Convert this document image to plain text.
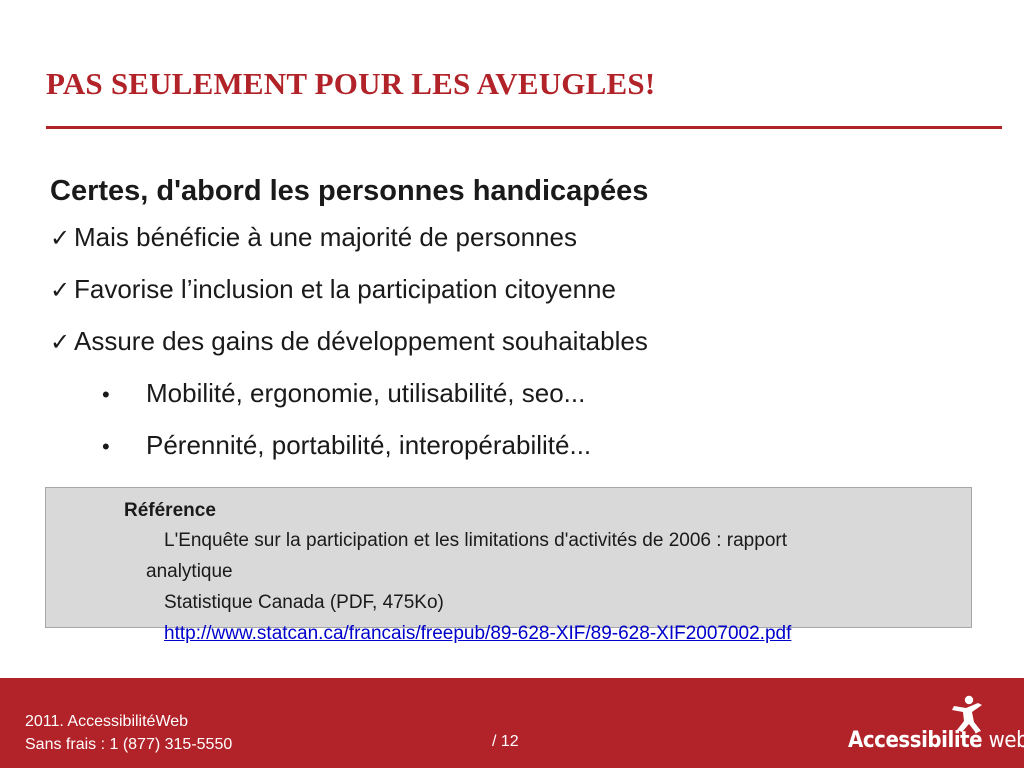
PAS SEULEMENT POUR LES AVEUGLES!
Certes, d'abord les personnes handicapées
✓ Mais bénéficie à une majorité de personnes
✓ Favorise l’inclusion et la participation citoyenne
✓ Assure des gains de développement souhaitables
•	Mobilité, ergonomie, utilisabilité, seo...
•	Pérennité, portabilité, interopérabilité...
Référence
L'Enquête sur la participation et les limitations d'activités de 2006 : rapport
analytique
Statistique Canada (PDF, 475Ko)
http://www.statcan.ca/francais/freepub/89-628-XIF/89-628-XIF2007002.pdf
2011. AccessibilitéWeb
Sans frais : 1 (877) 315-5550	/ 12	Accessibilité web
